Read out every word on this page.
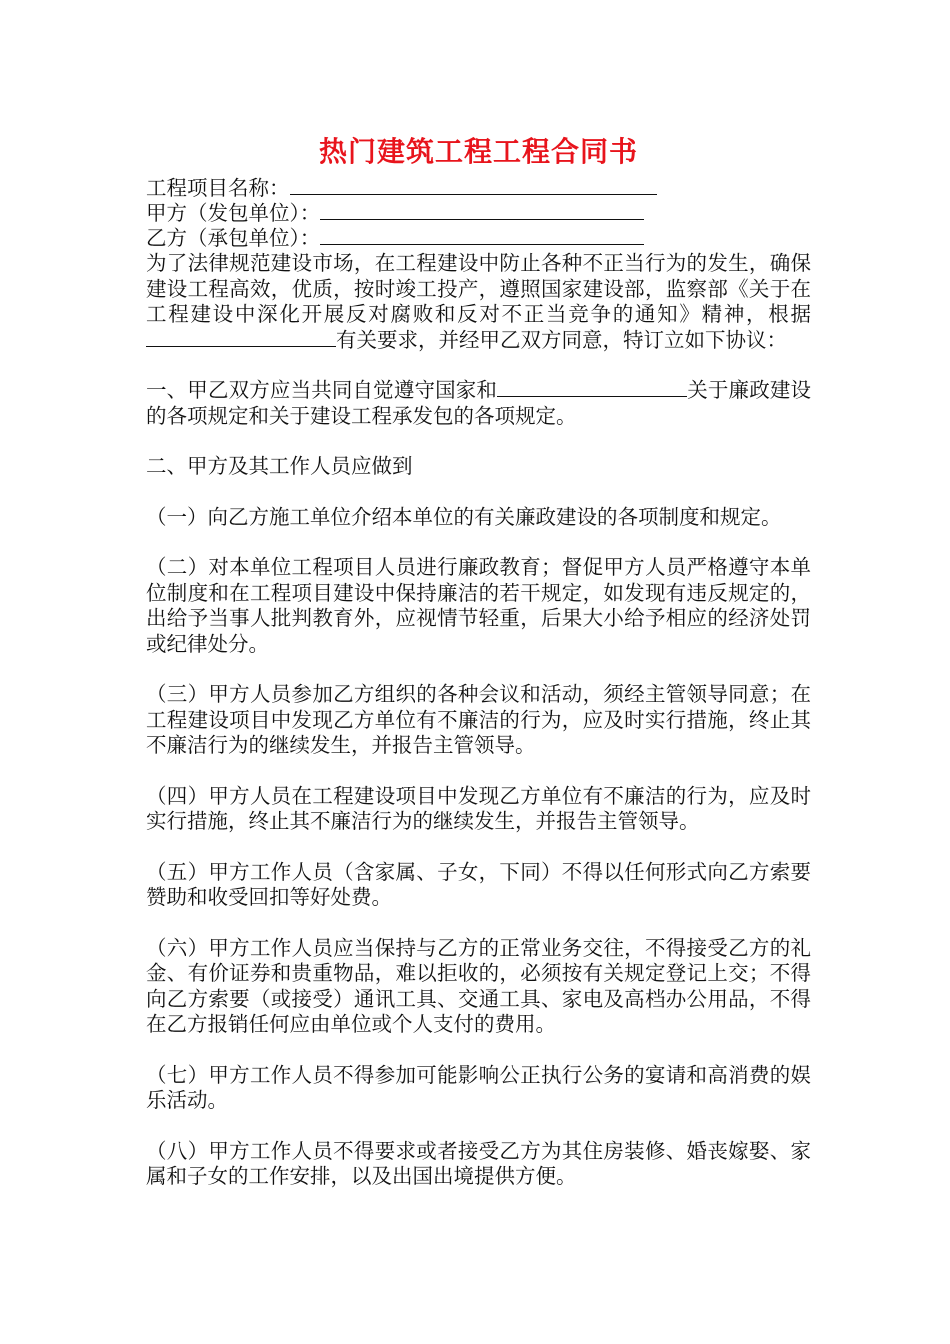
热门建筑工程工程合同书

工程项目名称：

甲方（发包单位）：

乙方（承包单位）：

为了法律规范建设市场，在工程建设中防止各种不正当行为的发生，确保建设工程高效，优质，按时竣工投产，遵照国家建设部，监察部《关于在工程建设中深化开展反对腐败和反对不正当竞争的通知》精神，根据有关要求，并经甲乙双方同意，特订立如下协议：

一、甲乙双方应当共同自觉遵守国家和	关于廉政建设的各项规定和关于建设工程承发包的各项规定。

二、甲方及其工作人员应做到

（一）向乙方施工单位介绍本单位的有关廉政建设的各项制度和规定。

（二）对本单位工程项目人员进行廉政教育；督促甲方人员严格遵守本单位制度和在工程项目建设中保持廉洁的若干规定，如发现有违反规定的，出给予当事人批判教育外，应视情节轻重，后果大小给予相应的经济处罚或纪律处分。

（三）甲方人员参加乙方组织的各种会议和活动，须经主管领导同意；在工程建设项目中发现乙方单位有不廉洁的行为，应及时实行措施，终止其不廉洁行为的继续发生，并报告主管领导。

（四）甲方人员在工程建设项目中发现乙方单位有不廉洁的行为，应及时实行措施，终止其不廉洁行为的继续发生，并报告主管领导。

（五）甲方工作人员（含家属、子女，下同）不得以任何形式向乙方索要赞助和收受回扣等好处费。

（六）甲方工作人员应当保持与乙方的正常业务交往，不得接受乙方的礼金、有价证券和贵重物品，难以拒收的，必须按有关规定登记上交；不得向乙方索要（或接受）通讯工具、交通工具、家电及高档办公用品，不得在乙方报销任何应由单位或个人支付的费用。

（七）甲方工作人员不得参加可能影响公正执行公务的宴请和高消费的娱乐活动。

（八）甲方工作人员不得要求或者接受乙方为其住房装修、婚丧嫁娶、家属和子女的工作安排，以及出国出境提供方便。
